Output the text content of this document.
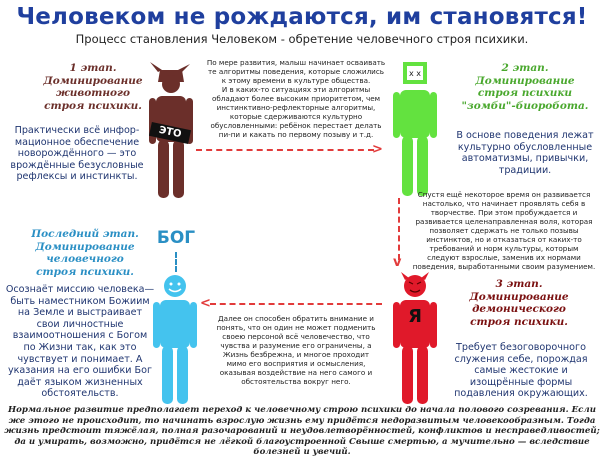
Человеком не рождаются, им становятся!
Процесс становления Человеком - обретение человечного строя психики.
1 этап.
Доминирование
животного
строя психики.
Практически всё инфор-
мационное обеспечение
новорождённого — это
врождённые безусловные
рефлексы и инстинкты.
ЭТО
По мере развития, малыш начинает осваивать
те алгоритмы поведения, которые сложились
к этому времени в культуре общества.
И в каких-то ситуациях эти алгоритмы
обладают более высоким приоритетом, чем
инстинктивно-рефлекторные алгоритмы,
которые сдерживаются культурно
обусловленными: ребёнок перестает делать
пи-пи и какать по первому позыву и т.д.
>
x x	2 этап.
Доминирование
строя психики
"зомби"-биоробота.
В основе поведения лежат
культурно обусловленные
автоматизмы, привычки,
традиции.
Спустя ещё некоторое время он развивается
настолько, что начинает проявлять себя в
творчестве. При этом пробуждается и
развивается целенаправленная воля, которая
позволяет сдержать не только позывы
инстинктов, но и отказаться от каких-то
требований и норм культуры, которым
следуют взрослые, заменив их нормами
поведения, выработанными своим разумением.
v
Последний этап.
Доминирование
человечного
строя психики.
Осознаёт миссию человека—
быть наместником Божиим
на Земле и выстраивает
свои личностные
взаимоотношения с Богом
по Жизни так, как это
чувствует и понимает. А
указания на его ошибки Бог
даёт языком жизненных
обстоятельств.
БОГ
<
Далее он способен обратить внимание и
понять, что он один не может подменить
своею персоной всё человечество, что
чувства и разумение его ограничены, а
Жизнь безбрежна, и многое проходит
мимо его восприятия и осмысления,
оказывая воздействие на него самого и
обстоятельства вокруг него.
Я
3 этап.
Доминирование
демонического
строя психики.
Требует безоговорочного
служения себе, порождая
самые жестокие и
изощрённые формы
подавления окружающих.
Нормальное развитие предполагает переход к человечному строю психики до начала полового созревания. Если же этого не происходит, то начинать взрослую жизнь ему придётся недоразвитым человекообразным. Тогда жизнь предстоит тяжёлая, полная разочарований и неудовлетворённостей, конфликтов и несправедливостей; да и умирать, возможно, придётся не лёгкой благоустроенной Свыше смертью, а мучительно — вследствие болезней и увечий.
